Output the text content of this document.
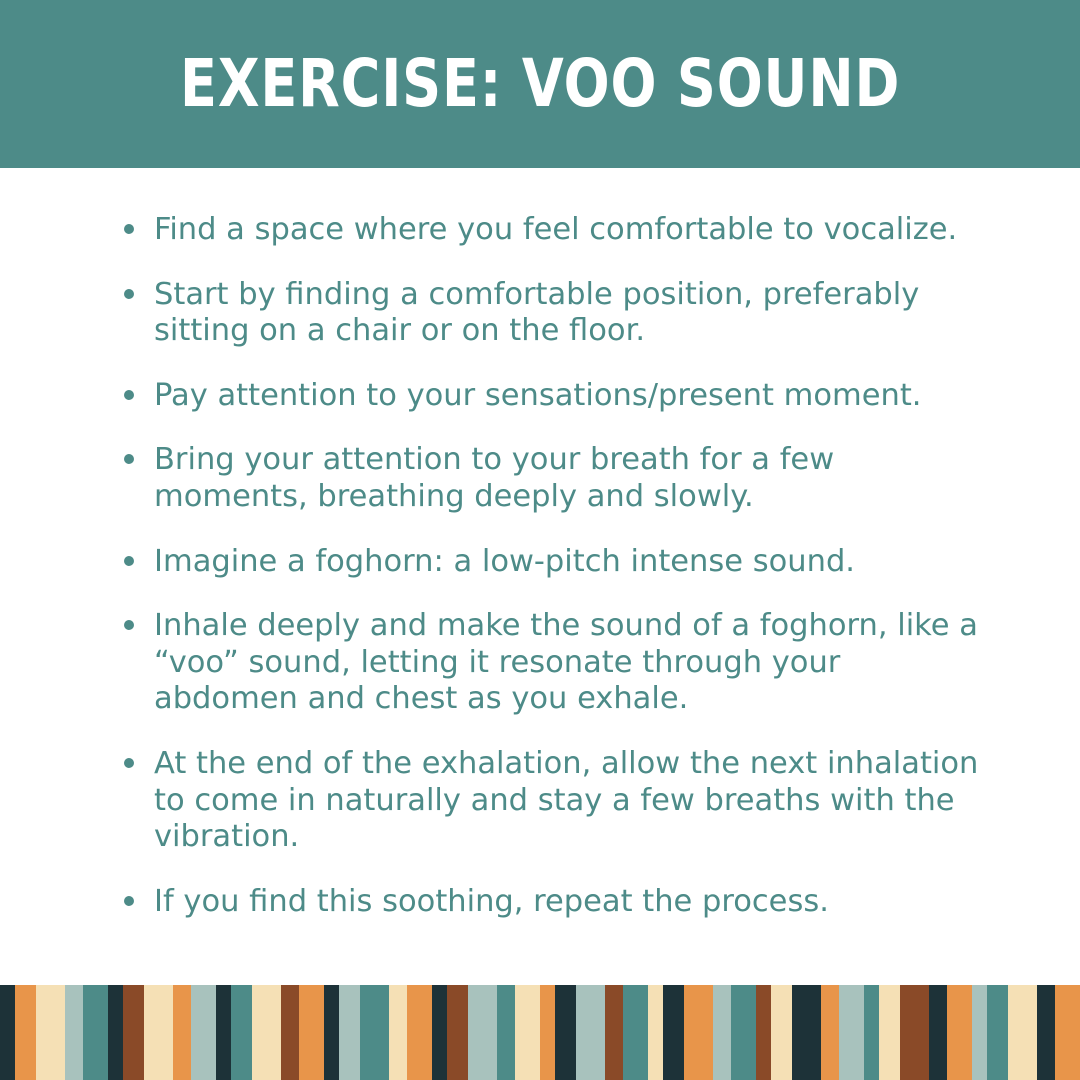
EXERCISE: VOO SOUND
Find a space where you feel comfortable to vocalize.
Start by finding a comfortable position, preferably sitting on a chair or on the floor.
Pay attention to your sensations/present moment.
Bring your attention to your breath for a few moments, breathing deeply and slowly.
Imagine a foghorn: a low-pitch intense sound.
Inhale deeply and make the sound of a foghorn, like a “voo” sound, letting it resonate through your abdomen and chest as you exhale.
At the end of the exhalation, allow the next inhalation to come in naturally and stay a few breaths with the vibration.
If you find this soothing, repeat the process.
